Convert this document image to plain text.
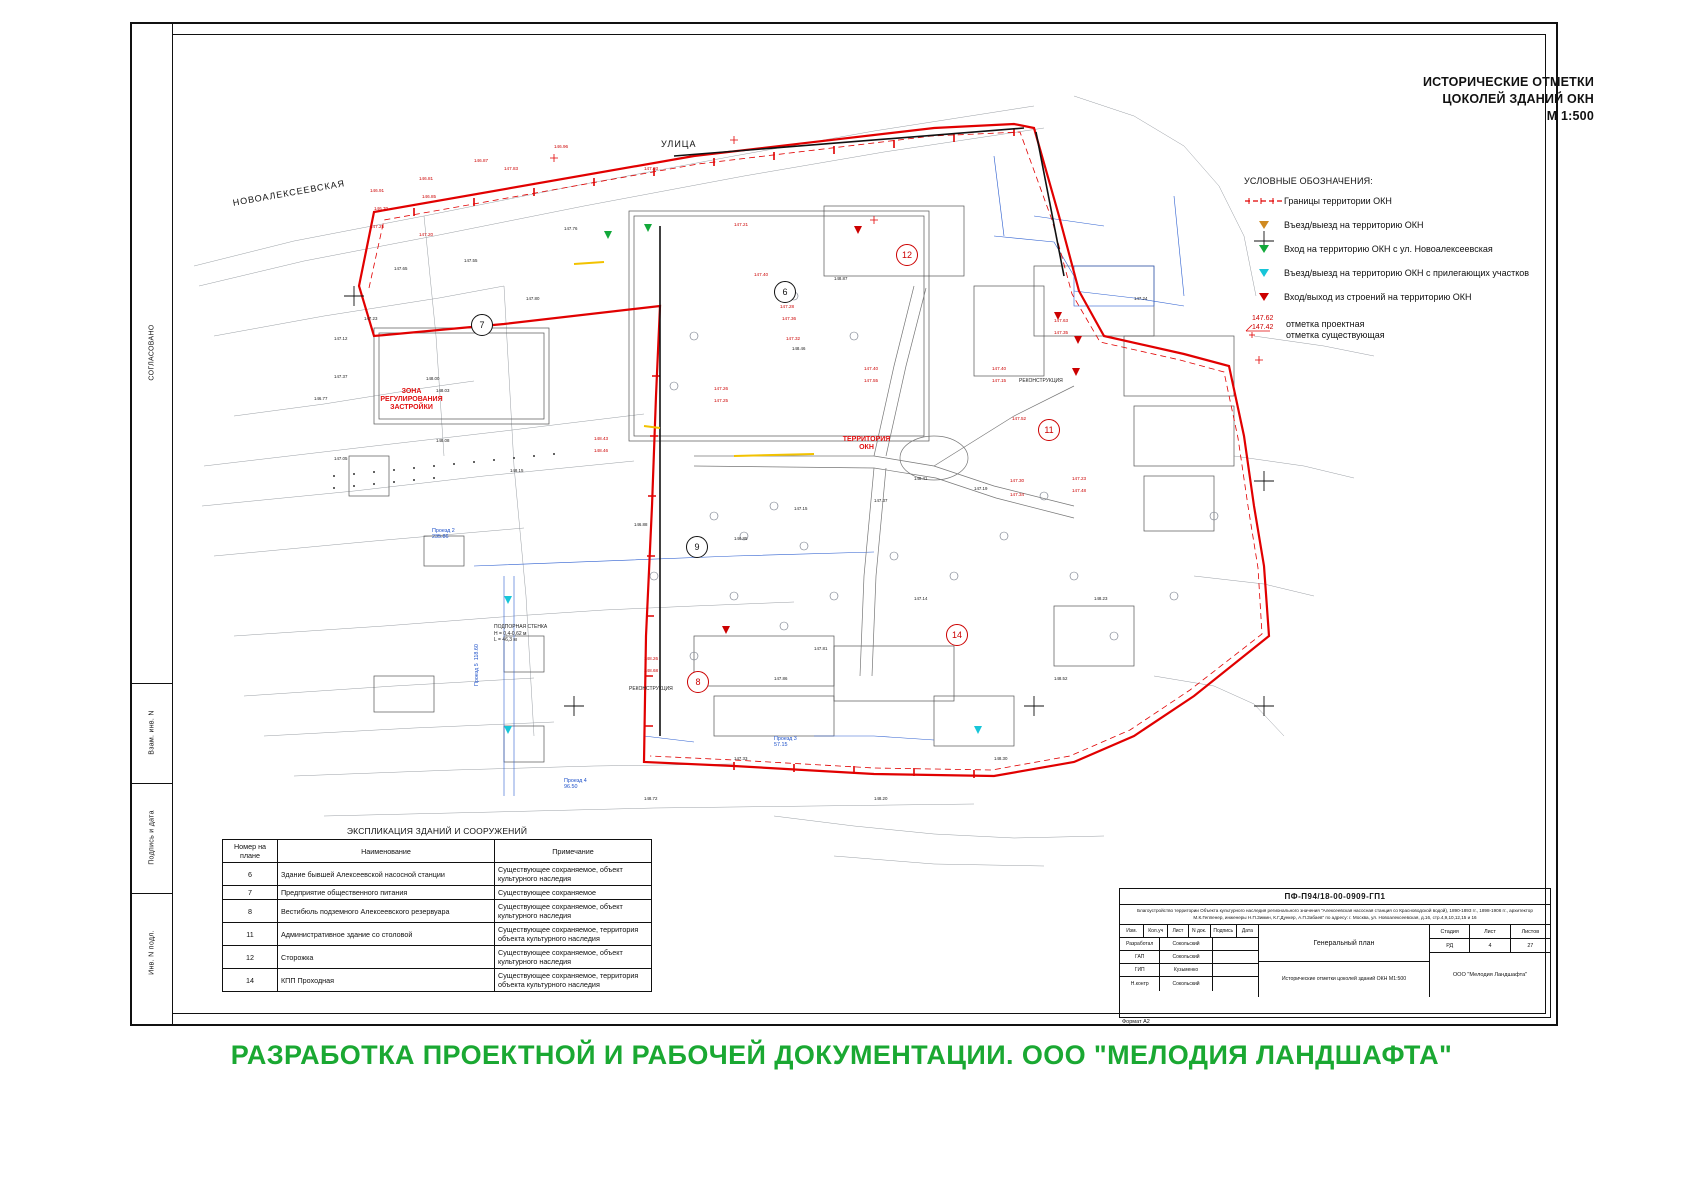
СОГЛАСОВАНО
Взам. инв. N
Подпись и дата
Инв. N подл.
НОВОАЛЕКСЕЕВСКАЯ
УЛИЦА
ЗОНА
РЕГУЛИРОВАНИЯ
ЗАСТРОЙКИ
ТЕРРИТОРИЯ
ОКН
7
6
9
8
11
12
14
ПОДПОРНАЯ СТЕНКА
H = 0,4-0,62 м
L = 46,3 м
РЕКОНСТРУКЦИЯ
РЕКОНСТРУКЦИЯ
Проезд 2
235.86
Проезд 5  118.60
Проезд 4
96.50
Проезд 3
57.15
146.96
146.87
146.81
146.91
146.85
146.70
147.83	147.03
147.25
147.20
147.21
147.40
147.36
147.28
147.32
147.40
147.55
147.26
147.25
147.40
147.15
147.52
147.30
147.34
148.43
148.46
147.63
147.35
148.26
148.68
147.23
147.48
147.65
147.55
147.76
147.80
147.23
147.12
148.00
148.03
147.37
146.77
148.08
147.05
148.15
146.88
146.85
147.15
147.37
148.41
147.19
147.14
147.81
147.86
148.87
148.46
147.24
148.23
148.52
147.33
148.72	148.20
148.30
ИСТОРИЧЕСКИЕ ОТМЕТКИ
ЦОКОЛЕЙ ЗДАНИЙ ОКН
М 1:500
УСЛОВНЫЕ ОБОЗНАЧЕНИЯ:
Границы территории ОКН
Въезд/выезд на территорию ОКН
Вход на территорию ОКН с ул. Новоалексеевская
Въезд/выезд на территорию ОКН с прилегающих участков
Вход/выход из строений на территорию ОКН
147.62
147.42 отметка проектная
отметка существующая
ЭКСПЛИКАЦИЯ ЗДАНИЙ И СООРУЖЕНИЙ
Номер на плане	Наименование	Примечание
6	Здание бывшей Алексеевской насосной станции	Существующее сохраняемое, объект культурного наследия
7	Предприятие общественного питания	Существующее сохраняемое
8	Вестибюль подземного Алексеевского резервуара	Существующее сохраняемое, объект культурного наследия
11	Административное здание со столовой	Существующее сохраняемое, территория объекта культурного наследия
12	Сторожка	Существующее сохраняемое, объект культурного наследия
14	КПП Проходная	Существующее сохраняемое, территория объекта культурного наследия
ПФ-П94/18-00-0909-ГП1
Благоустройство территории Объекта культурного наследия регионального значения "Алексеевская насосная станция со Красноводской водой), 1890-1893 гг., 1898-1906 гг., архитектор М.К.Геппенер, инженеры Н.П.Зимин, К.Г.Дункер, А.П.Забаев" по адресу: г. Москва, ул. Новоалексеевская, д.16, стр.4,9,10,12,15 и 16
Изм.	Кол.уч	Лист	N док.	Подпись	Дата
Разработал	Сокольский
ГАП	Сокольский
ГИП	Кузьменко
Н.контр	Сокольский
Генеральный план
Исторические отметки цоколей зданий ОКН М1:500
Стадия	Лист	Листов
РД	4	27
ООО "Мелодия Ландшафта"
Формат А2
РАЗРАБОТКА ПРОЕКТНОЙ И РАБОЧЕЙ ДОКУМЕНТАЦИИ. ООО "МЕЛОДИЯ ЛАНДШАФТА"
